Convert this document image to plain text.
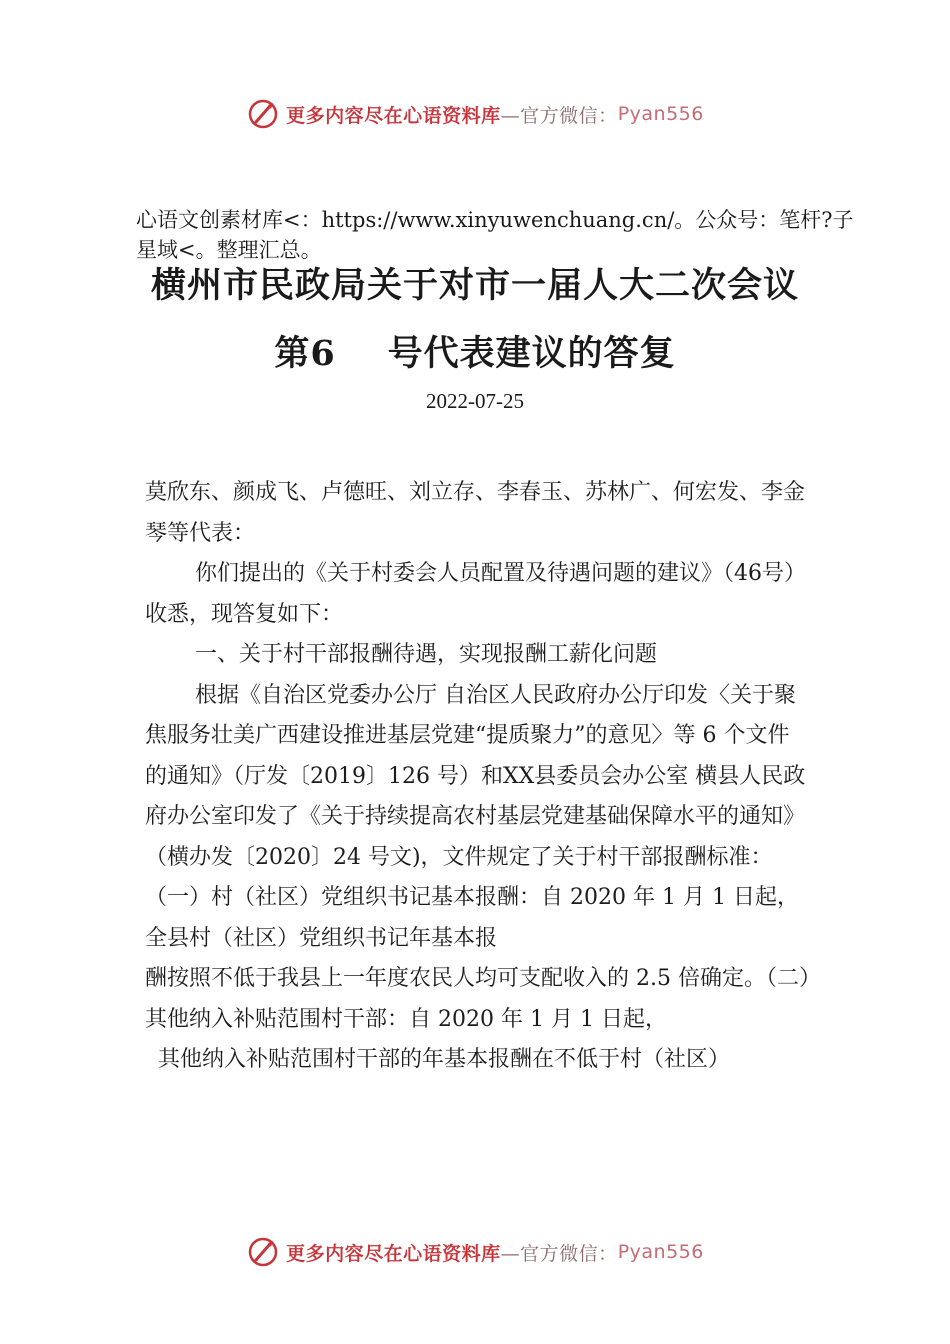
更多内容尽在心语资料库 —官方微信： Pyan556
心语文创素材库<：https://www.xinyuwenchuang.cn/。公众号：笔杆?子星域<。整理汇总。
横州市民政局关于对市一届人大二次会议
第6 号代表建议的答复
2022-07-25

莫欣东、颜成飞、卢德旺、刘立存、李春玉、苏林广、何宏发、李金琴等代表：

你们提出的《关于村委会人员配置及待遇问题的建议》（46号）收悉，现答复如下：

一、关于村干部报酬待遇，实现报酬工薪化问题

根据《自治区党委办公厅 自治区人民政府办公厅印发〈关于聚焦服务壮美广西建设推进基层党建“提质聚力”的意见〉等 6 个文件的通知》（厅发〔2019〕126 号）和XX县委员会办公室 横县人民政府办公室印发了《关于持续提高农村基层党建基础保障水平的通知》（横办发〔2020〕24 号文)，文件规定了关于村干部报酬标准：（一）村（社区）党组织书记基本报酬：自 2020 年 1 月 1 日起，全县村（社区）党组织书记年基本报

酬按照不低于我县上一年度农民人均可支配收入的 2.5 倍确定。（二）其他纳入补贴范围村干部：自 2020 年 1 月 1 日起，

其他纳入补贴范围村干部的年基本报酬在不低于村（社区）

更多内容尽在心语资料库 —官方微信： Pyan556
